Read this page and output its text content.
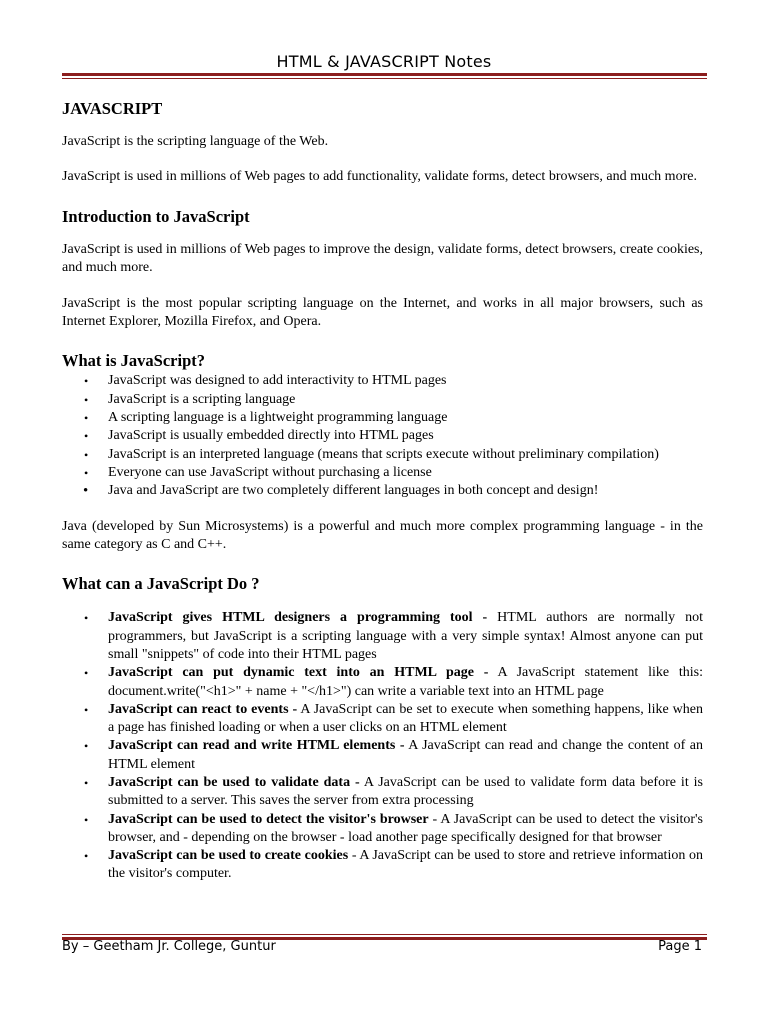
HTML & JAVASCRIPT Notes
JAVASCRIPT

JavaScript is the scripting language of the Web.

JavaScript is used in millions of Web pages to add functionality, validate forms, detect browsers, and much more.

Introduction to JavaScript

JavaScript is used in millions of Web pages to improve the design, validate forms, detect browsers, create cookies, and much more.

JavaScript is the most popular scripting language on the Internet, and works in all major browsers, such as Internet Explorer, Mozilla Firefox, and Opera.

What is JavaScript?
• JavaScript was designed to add interactivity to HTML pages
• JavaScript is a scripting language
• A scripting language is a lightweight programming language
• JavaScript is usually embedded directly into HTML pages
• JavaScript is an interpreted language (means that scripts execute without preliminary compilation)
• Everyone can use JavaScript without purchasing a license
• Java and JavaScript are two completely different languages in both concept and design!

Java (developed by Sun Microsystems) is a powerful and much more complex programming language - in the same category as C and C++.

What can a JavaScript Do ?
• JavaScript gives HTML designers a programming tool - HTML authors are normally not programmers, but JavaScript is a scripting language with a very simple syntax! Almost anyone can put small "snippets" of code into their HTML pages
• JavaScript can put dynamic text into an HTML page - A JavaScript statement like this: document.write("<h1>" + name + "</h1>") can write a variable text into an HTML page
• JavaScript can react to events - A JavaScript can be set to execute when something happens, like when a page has finished loading or when a user clicks on an HTML element
• JavaScript can read and write HTML elements - A JavaScript can read and change the content of an HTML element
• JavaScript can be used to validate data - A JavaScript can be used to validate form data before it is submitted to a server. This saves the server from extra processing
• JavaScript can be used to detect the visitor's browser - A JavaScript can be used to detect the visitor's browser, and - depending on the browser - load another page specifically designed for that browser
• JavaScript can be used to create cookies - A JavaScript can be used to store and retrieve information on the visitor's computer.
By – Geetham Jr. College, Guntur	Page 1
